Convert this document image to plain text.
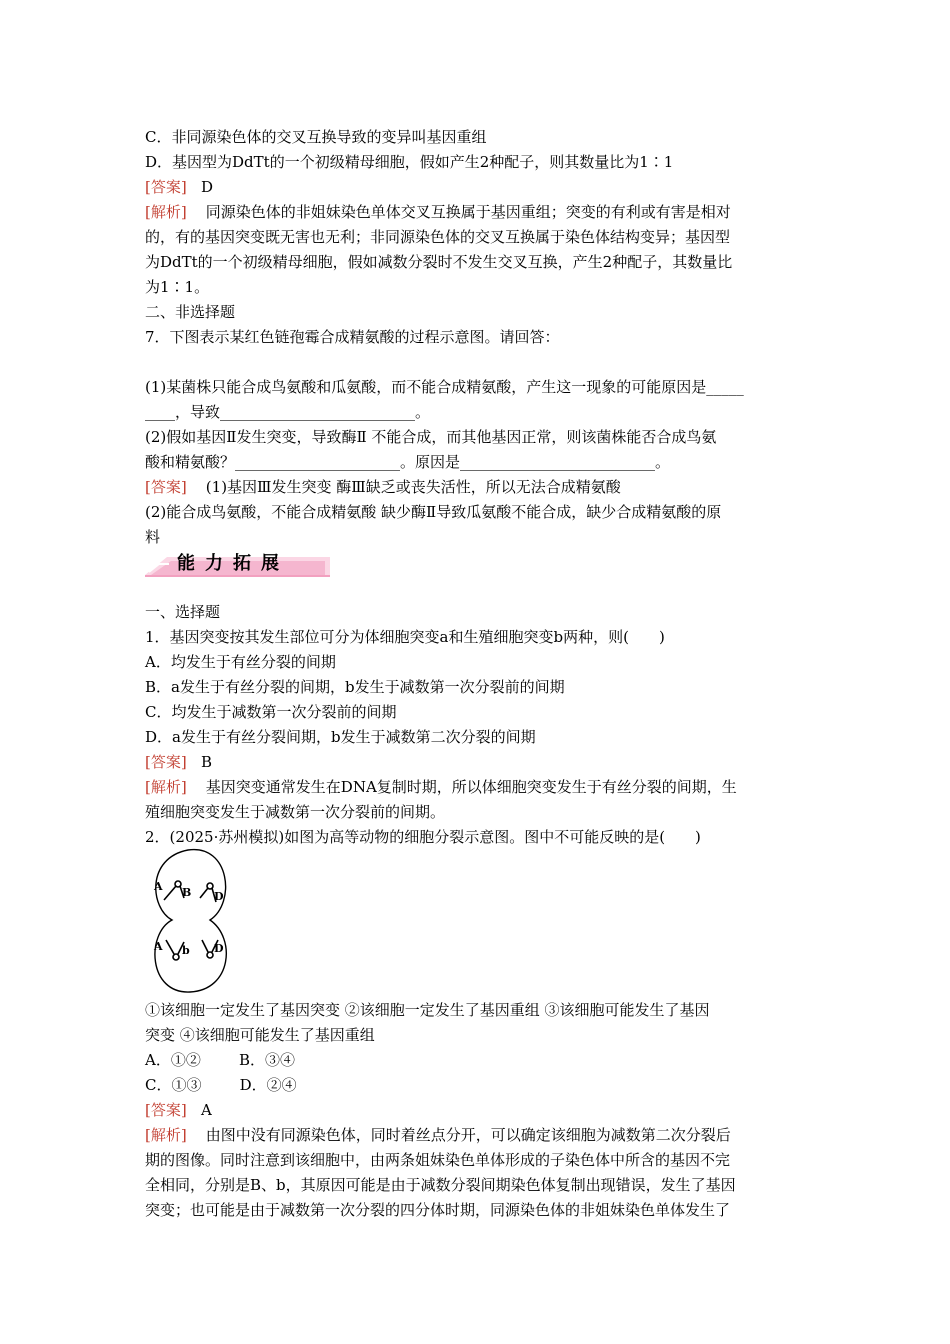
C．非同源染色体的交叉互换导致的变异叫基因重组
D．基因型为DdTt的一个初级精母细胞，假如产生2种配子，则其数量比为1∶1
[答案] D
[解析] 同源染色体的非姐妹染色单体交叉互换属于基因重组；突变的有利或有害是相对
的，有的基因突变既无害也无利；非同源染色体的交叉互换属于染色体结构变异；基因型
为DdTt的一个初级精母细胞，假如减数分裂时不发生交叉互换，产生2种配子，其数量比
为1∶1。
二、非选择题
7．下图表示某红色链孢霉合成精氨酸的过程示意图。请回答：
(1)某菌株只能合成鸟氨酸和瓜氨酸，而不能合成精氨酸，产生这一现象的可能原因是_____
____，导致__________________________。
(2)假如基因Ⅱ发生突变，导致酶Ⅱ 不能合成，而其他基因正常，则该菌株能否合成鸟氨
酸和精氨酸？______________________。原因是__________________________。
[答案] (1)基因Ⅲ发生突变 酶Ⅲ缺乏或丧失活性，所以无法合成精氨酸
(2)能合成鸟氨酸，不能合成精氨酸 缺少酶Ⅱ导致瓜氨酸不能合成，缺少合成精氨酸的原
料
能力拓展
一、选择题
1．基因突变按其发生部位可分为体细胞突变a和生殖细胞突变b两种，则(　　)
A．均发生于有丝分裂的间期
B．a发生于有丝分裂的间期，b发生于减数第一次分裂前的间期
C．均发生于减数第一次分裂前的间期
D．a发生于有丝分裂间期，b发生于减数第二次分裂的间期
[答案] B
[解析] 基因突变通常发生在DNA复制时期，所以体细胞突变发生于有丝分裂的间期，生
殖细胞突变发生于减数第一次分裂前的间期。
2．(2025·苏州模拟)如图为高等动物的细胞分裂示意图。图中不可能反映的是(　　)
A B D
A b D
①该细胞一定发生了基因突变 ②该细胞一定发生了基因重组 ③该细胞可能发生了基因
突变 ④该细胞可能发生了基因重组
A．①②        B．③④
C．①③        D．②④
[答案] A
[解析] 由图中没有同源染色体，同时着丝点分开，可以确定该细胞为减数第二次分裂后
期的图像。同时注意到该细胞中，由两条姐妹染色单体形成的子染色体中所含的基因不完
全相同，分别是B、b，其原因可能是由于减数分裂间期染色体复制出现错误，发生了基因
突变；也可能是由于减数第一次分裂的四分体时期，同源染色体的非姐妹染色单体发生了
